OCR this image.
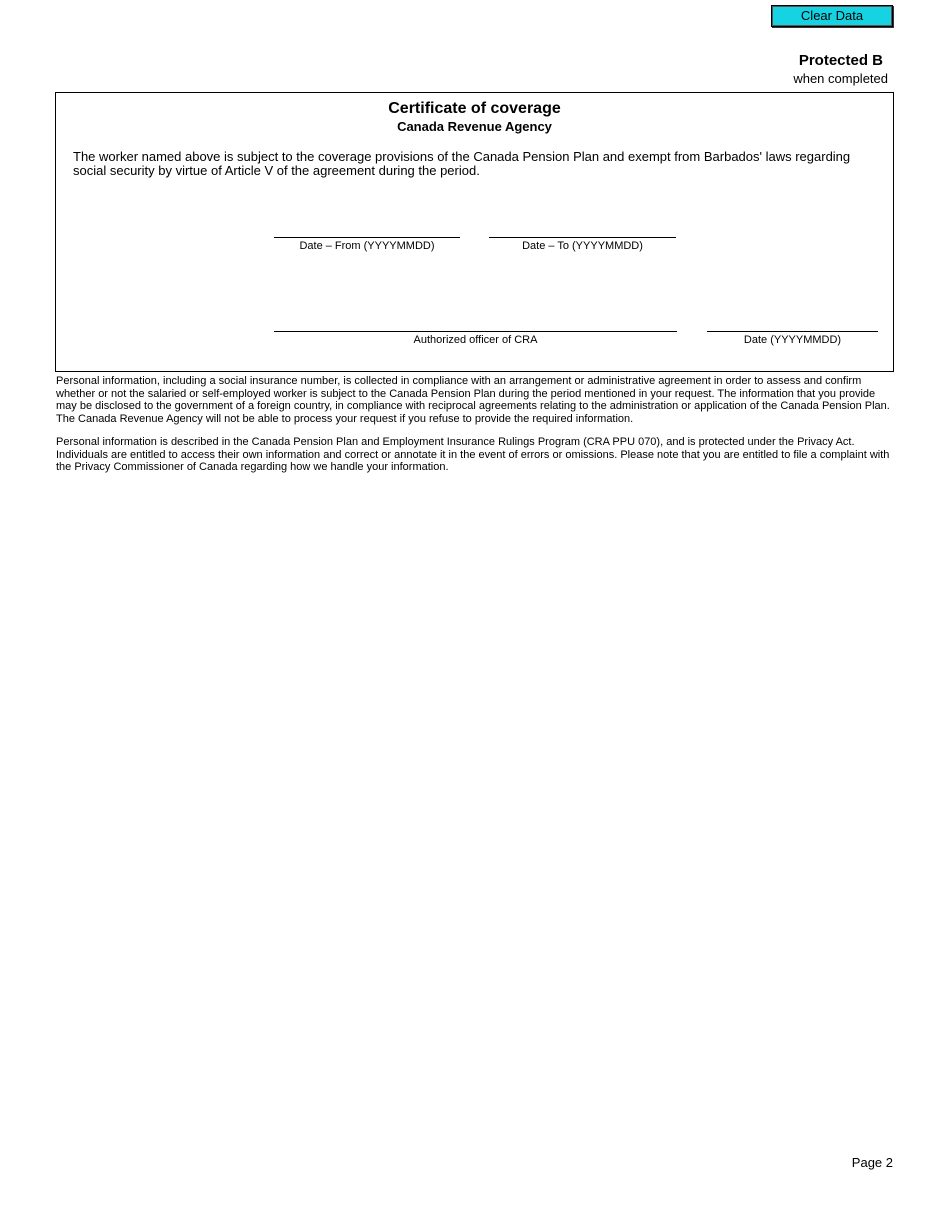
Clear Data
Protected B
when completed
Certificate of coverage
Canada Revenue Agency
The worker named above is subject to the coverage provisions of the Canada Pension Plan and exempt from Barbados' laws regarding social security by virtue of Article V of the agreement during the period.
Date – From (YYYYMMDD)	Date – To (YYYYMMDD)
Authorized officer of CRA	Date (YYYYMMDD)
Personal information, including a social insurance number, is collected in compliance with an arrangement or administrative agreement in order to assess and confirm whether or not the salaried or self-employed worker is subject to the Canada Pension Plan during the period mentioned in your request. The information that you provide may be disclosed to the government of a foreign country, in compliance with reciprocal agreements relating to the administration or application of the Canada Pension Plan. The Canada Revenue Agency will not be able to process your request if you refuse to provide the required information.
Personal information is described in the Canada Pension Plan and Employment Insurance Rulings Program (CRA PPU 070), and is protected under the Privacy Act. Individuals are entitled to access their own information and correct or annotate it in the event of errors or omissions. Please note that you are entitled to file a complaint with the Privacy Commissioner of Canada regarding how we handle your information.
Page 2
